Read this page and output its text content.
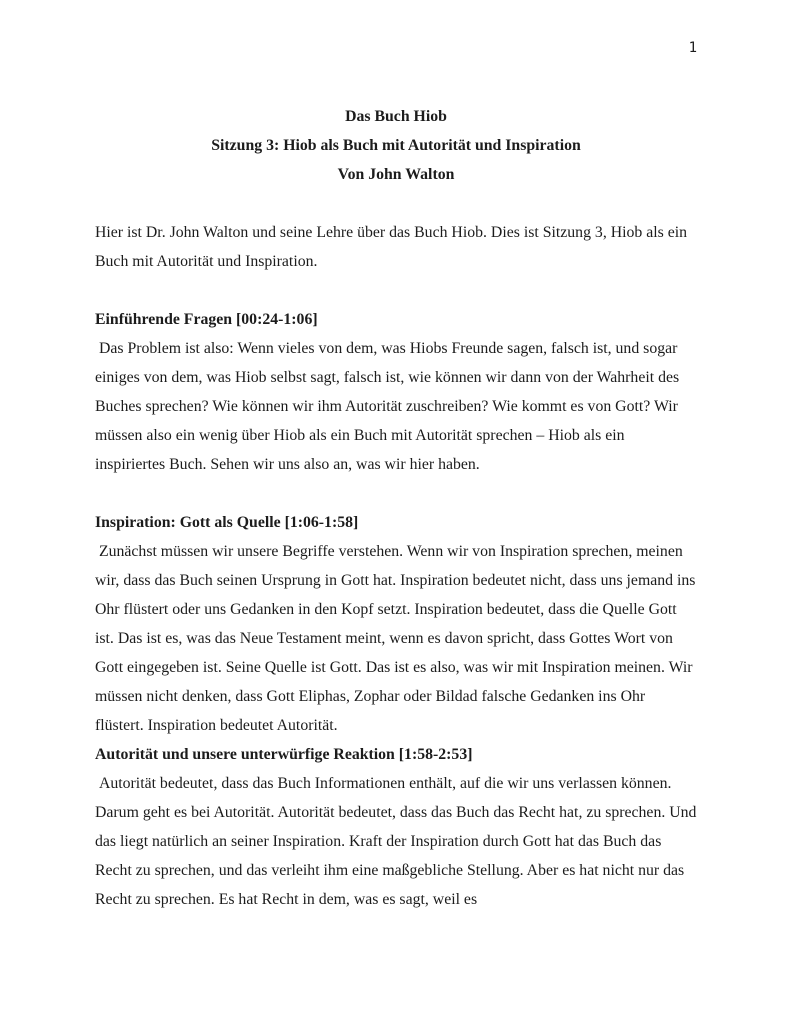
1
Das Buch Hiob
Sitzung 3: Hiob als Buch mit Autorität und Inspiration
Von John Walton

Hier ist Dr. John Walton und seine Lehre über das Buch Hiob. Dies ist Sitzung 3, Hiob als ein Buch mit Autorität und Inspiration.

Einführende Fragen [00:24-1:06]

Das Problem ist also: Wenn vieles von dem, was Hiobs Freunde sagen, falsch ist, und sogar einiges von dem, was Hiob selbst sagt, falsch ist, wie können wir dann von der Wahrheit des Buches sprechen? Wie können wir ihm Autorität zuschreiben? Wie kommt es von Gott? Wir müssen also ein wenig über Hiob als ein Buch mit Autorität sprechen – Hiob als ein inspiriertes Buch. Sehen wir uns also an, was wir hier haben.

Inspiration: Gott als Quelle [1:06-1:58]

Zunächst müssen wir unsere Begriffe verstehen. Wenn wir von Inspiration sprechen, meinen wir, dass das Buch seinen Ursprung in Gott hat. Inspiration bedeutet nicht, dass uns jemand ins Ohr flüstert oder uns Gedanken in den Kopf setzt. Inspiration bedeutet, dass die Quelle Gott ist. Das ist es, was das Neue Testament meint, wenn es davon spricht, dass Gottes Wort von Gott eingegeben ist. Seine Quelle ist Gott. Das ist es also, was wir mit Inspiration meinen. Wir müssen nicht denken, dass Gott Eliphas, Zophar oder Bildad falsche Gedanken ins Ohr flüstert. Inspiration bedeutet Autorität.

Autorität und unsere unterwürfige Reaktion [1:58-2:53]

Autorität bedeutet, dass das Buch Informationen enthält, auf die wir uns verlassen können. Darum geht es bei Autorität. Autorität bedeutet, dass das Buch das Recht hat, zu sprechen. Und das liegt natürlich an seiner Inspiration. Kraft der Inspiration durch Gott hat das Buch das Recht zu sprechen, und das verleiht ihm eine maßgebliche Stellung. Aber es hat nicht nur das Recht zu sprechen. Es hat Recht in dem, was es sagt, weil es
